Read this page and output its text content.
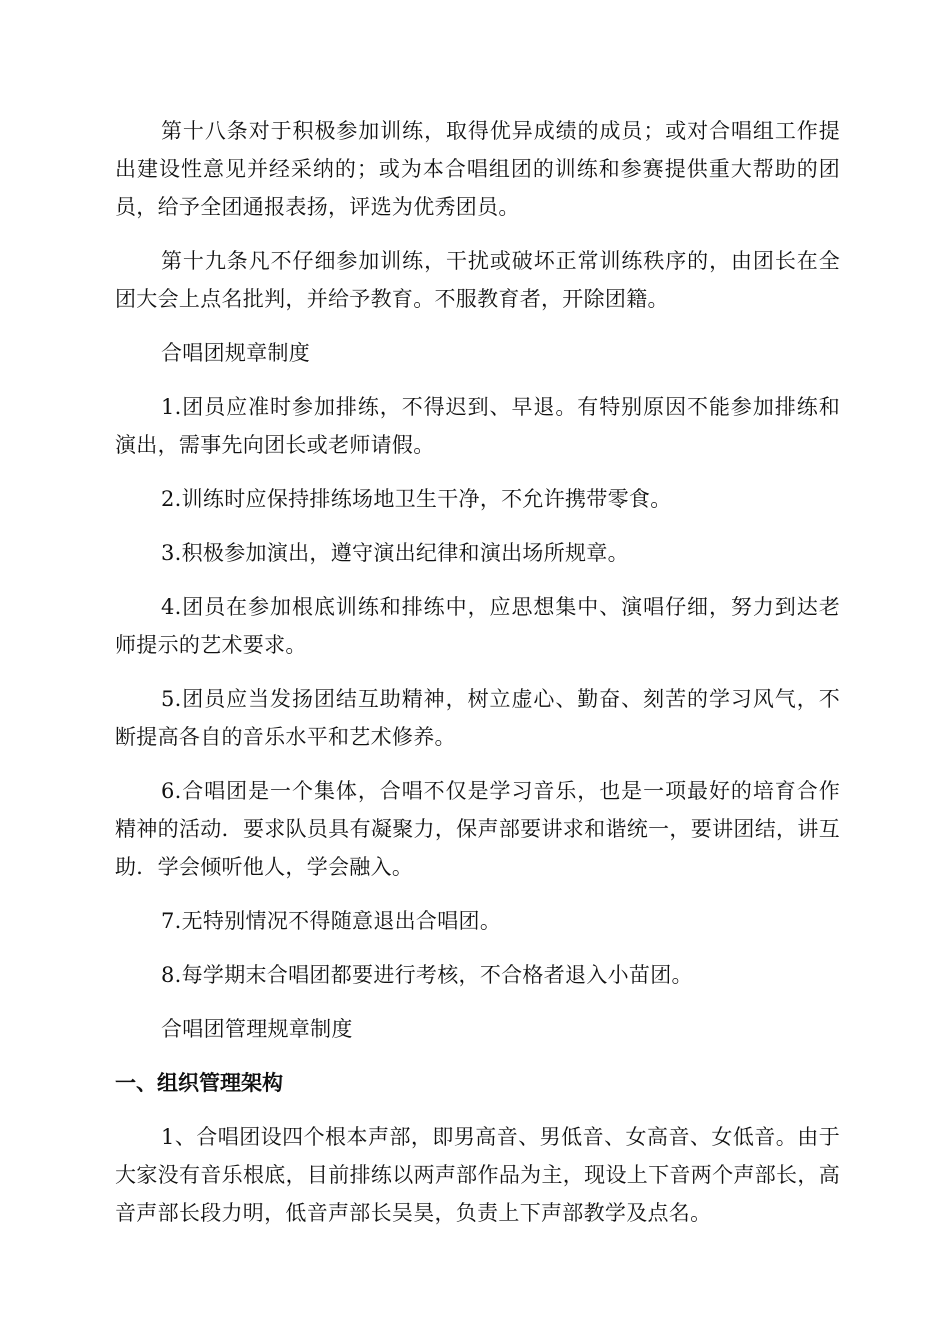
第十八条对于积极参加训练，取得优异成绩的成员；或对合唱组工作提出建设性意见并经采纳的；或为本合唱组团的训练和参赛提供重大帮助的团员，给予全团通报表扬，评选为优秀团员。

第十九条凡不仔细参加训练，干扰或破坏正常训练秩序的，由团长在全团大会上点名批判，并给予教育。不服教育者，开除团籍。

合唱团规章制度

1.团员应准时参加排练，不得迟到、早退。有特别原因不能参加排练和演出，需事先向团长或老师请假。

2.训练时应保持排练场地卫生干净，不允许携带零食。

3.积极参加演出，遵守演出纪律和演出场所规章。

4.团员在参加根底训练和排练中，应思想集中、演唱仔细，努力到达老师提示的艺术要求。

5.团员应当发扬团结互助精神，树立虚心、勤奋、刻苦的学习风气，不断提高各自的音乐水平和艺术修养。

6.合唱团是一个集体，合唱不仅是学习音乐，也是一项最好的培育合作精神的活动．要求队员具有凝聚力，保声部要讲求和谐统一，要讲团结，讲互助．学会倾听他人，学会融入。

7.无特别情况不得随意退出合唱团。

8.每学期末合唱团都要进行考核，不合格者退入小苗团。

合唱团管理规章制度

一、组织管理架构

1、合唱团设四个根本声部，即男高音、男低音、女高音、女低音。由于大家没有音乐根底，目前排练以两声部作品为主，现设上下音两个声部长，高音声部长段力明，低音声部长吴昊，负责上下声部教学及点名。
